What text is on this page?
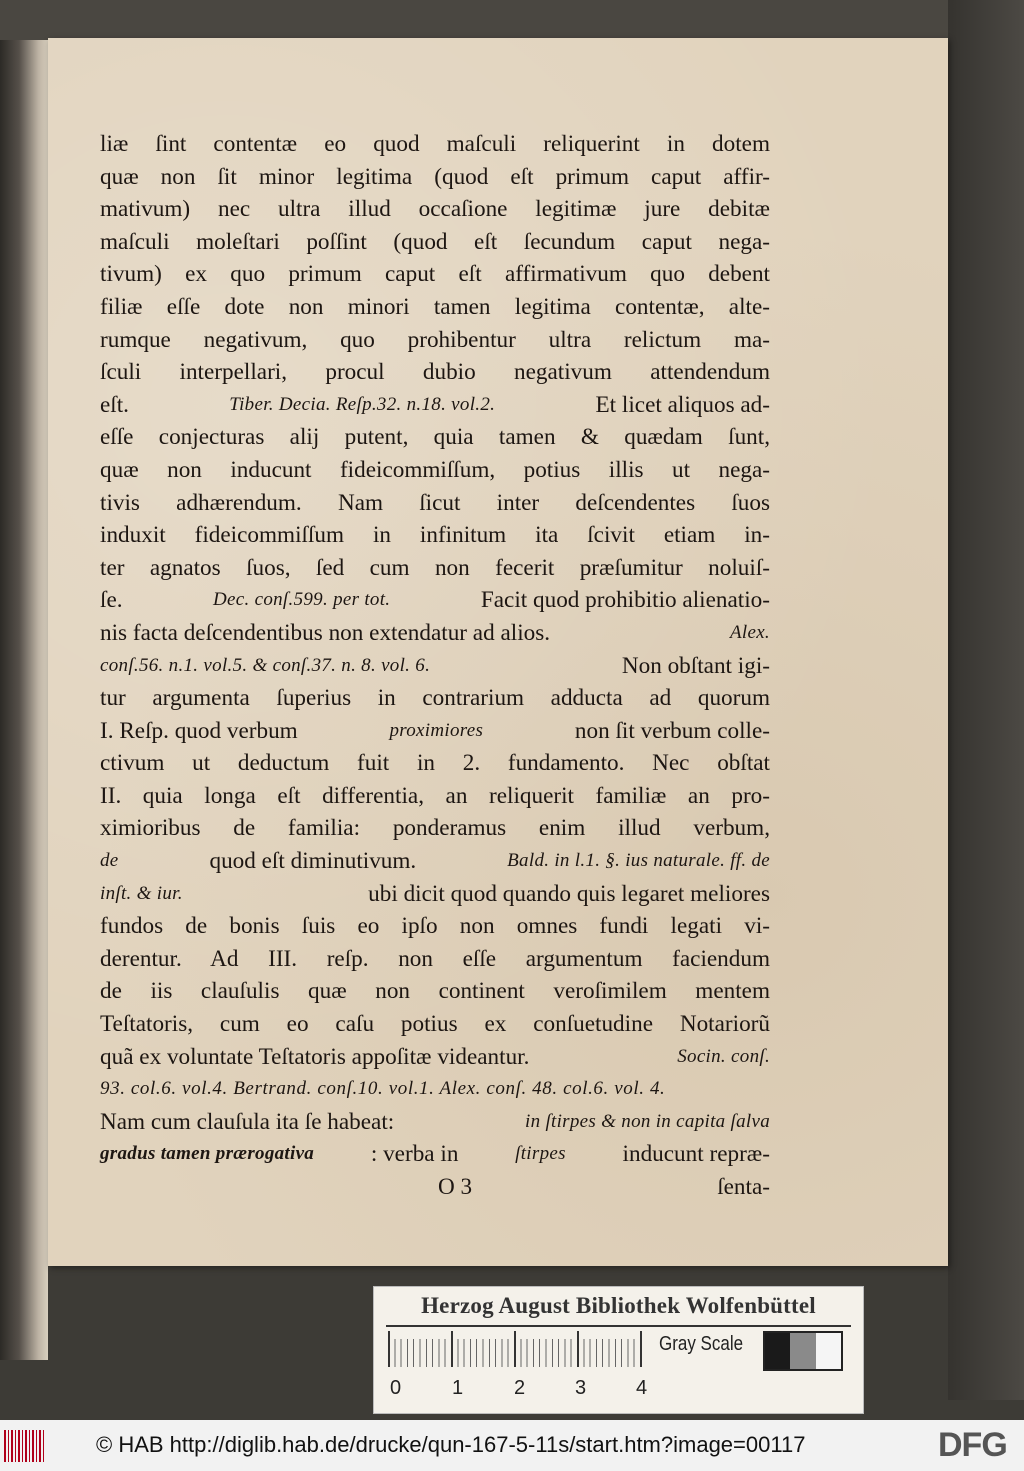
liæ ſint contentæ eo quod maſculi reliquerint in dotem
quæ non ſit minor legitima (quod eſt primum caput affir-
mativum) nec ultra illud occaſione legitimæ jure debitæ
maſculi moleſtari poſſint (quod eſt ſecundum caput nega-
tivum) ex quo primum caput eſt affirmativum quo debent
filiæ eſſe dote non minori tamen legitima contentæ, alte-
rumque negativum, quo prohibentur ultra relictum ma-
ſculi interpellari, procul dubio negativum attendendum
eſt.	Tiber. Decia. Reſp.32. n.18. vol.2.	Et licet aliquos ad-
eſſe conjecturas alij putent, quia tamen & quædam ſunt,
quæ non inducunt fideicommiſſum, potius illis ut nega-
tivis adhærendum. Nam ſicut inter deſcendentes ſuos
induxit fideicommiſſum in infinitum ita ſcivit etiam in-
ter agnatos ſuos, ſed cum non fecerit præſumitur noluiſ-
ſe.	Dec. conſ.599. per tot.	Facit quod prohibitio alienatio-
nis facta deſcendentibus non extendatur ad alios.	Alex.
conſ.56. n.1. vol.5. & conſ.37. n. 8. vol. 6.	Non obſtant igi-
tur argumenta ſuperius in contrarium adducta ad quorum
I. Reſp. quod verbum	proximiores	non ſit verbum colle-
ctivum ut deductum fuit in 2. fundamento. Nec obſtat
II. quia longa eſt differentia, an reliquerit familiæ an pro-
ximioribus de familia: ponderamus enim illud verbum,
de	quod eſt diminutivum.	Bald. in l.1. §. ius naturale. ff. de
inſt. & iur.	ubi dicit quod quando quis legaret meliores
fundos de bonis ſuis eo ipſo non omnes fundi legati vi-
derentur. Ad III. reſp. non eſſe argumentum faciendum
de iis clauſulis quæ non continent veroſimilem mentem
Teſtatoris, cum eo caſu potius ex conſuetudine Notariorũ
quã ex voluntate Teſtatoris appoſitæ videantur.	Socin. conſ.
93. col.6. vol.4. Bertrand. conſ.10. vol.1. Alex. conſ. 48. col.6. vol. 4.
Nam cum clauſula ita ſe habeat:	in ſtirpes & non in capita ſalva
gradus tamen prærogativa : verba in	ſtirpes inducunt repræ-
O 3	ſenta-
Herzog August Bibliothek Wolfenbüttel
0	1	2 3 4
Gray Scale
© HAB http://diglib.hab.de/drucke/qun-167-5-11s/start.htm?image=00117	DFG
